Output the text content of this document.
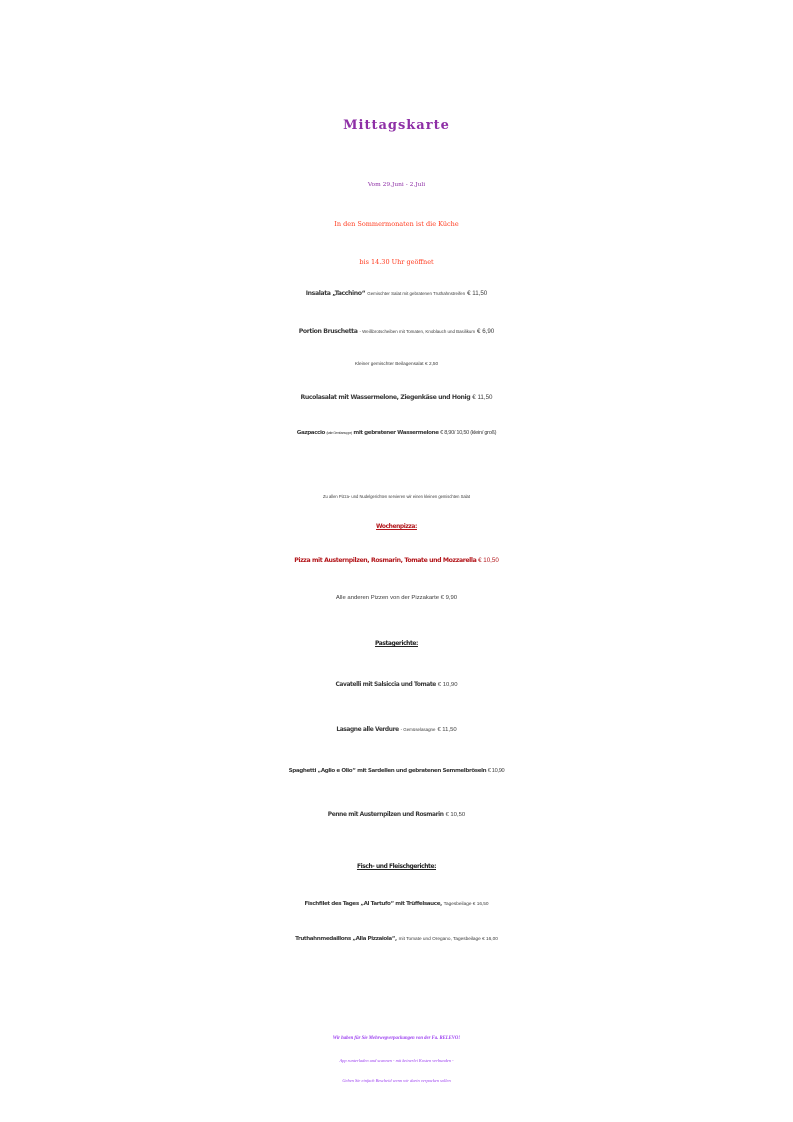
Mittagskarte
Vom 29.Juni - 2.Juli
In den Sommermonaten ist die Küche
bis 14.30 Uhr geöffnet
Insalata „Tacchino“ Gemischter Salat mit gebratenen Truthahnstreifen € 11,50
Portion Bruschetta - Weißbrotscheiben mit Tomaten, Knoblauch und Basilikum € 6,90
Kleiner gemischter Beilagensalat € 2,50
Rucolasalat mit Wassermelone, Ziegenkäse und Honig € 11,50
Gazpaccio (kalte Gemüsesuppe) mit gebratener Wassermelone € 8,90/ 10,50 (klein/ groß)
Zu allen Pizza- und Nudelgerichten servieren wir einen kleinen gemischten Salat
Wochenpizza:
Pizza mit Austernpilzen, Rosmarin, Tomate und Mozzarella € 10,50
Alle anderen Pizzen von der Pizzakarte € 9,90
Pastagerichte:
Cavatelli mit Salsiccia und Tomate € 10,90
Lasagne alle Verdure - Gemüselasagne € 11,50
Spaghetti „Aglio e Olio“ mit Sardellen und gebratenen Semmelbröseln € 10,90
Penne mit Austernpilzen und Rosmarin € 10,50
Fisch- und Fleischgerichte:
Fischfilet des Tages „Al Tartufo“ mit Trüffelsauce, Tagesbeilage € 16,50
Truthahnmedaillons „Alla Pizzaiola“, mit Tomate und Oregano, Tagesbeilage € 16,00
Wir haben für Sie Mehrwegverpackungen von der Fa. RELEVO!
App runterladen und scannen - mit keinerlei Kosten verbunden -
Geben Sie einfach Bescheid wenn wir darin verpacken sollen
